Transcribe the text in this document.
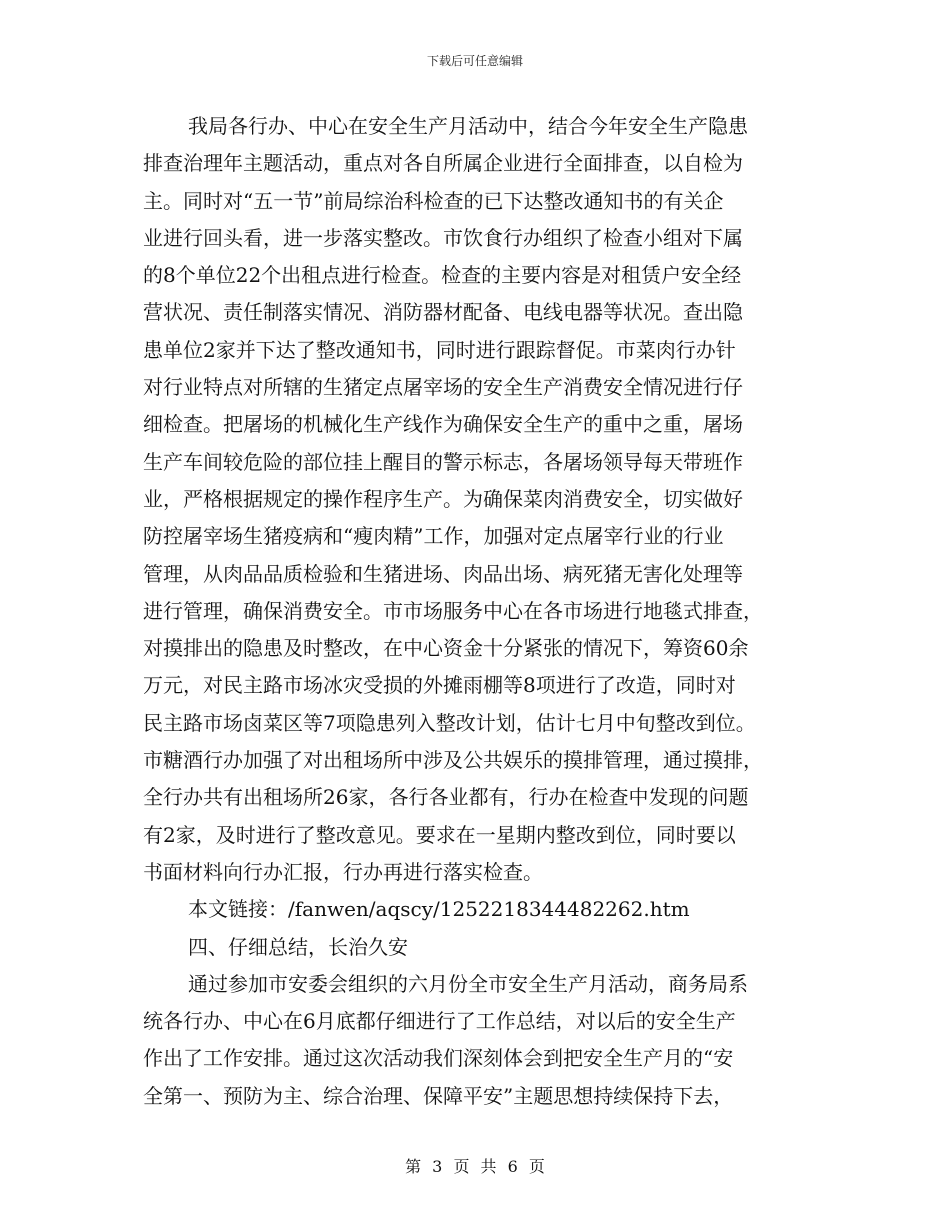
下载后可任意编辑
我局各行办、中心在安全生产月活动中，结合今年安全生产隐患
排查治理年主题活动，重点对各自所属企业进行全面排查，以自检为
主。同时对“五一节”前局综治科检查的已下达整改通知书的有关企
业进行回头看，进一步落实整改。市饮食行办组织了检查小组对下属
的8个单位22个出租点进行检查。检查的主要内容是对租赁户安全经
营状况、责任制落实情况、消防器材配备、电线电器等状况。查出隐
患单位2家并下达了整改通知书，同时进行跟踪督促。市菜肉行办针
对行业特点对所辖的生猪定点屠宰场的安全生产消费安全情况进行仔
细检查。把屠场的机械化生产线作为确保安全生产的重中之重，屠场
生产车间较危险的部位挂上醒目的警示标志，各屠场领导每天带班作
业，严格根据规定的操作程序生产。为确保菜肉消费安全，切实做好
防控屠宰场生猪疫病和“瘦肉精”工作，加强对定点屠宰行业的行业
管理，从肉品品质检验和生猪进场、肉品出场、病死猪无害化处理等
进行管理，确保消费安全。市市场服务中心在各市场进行地毯式排查，
对摸排出的隐患及时整改，在中心资金十分紧张的情况下，筹资60余
万元，对民主路市场冰灾受损的外摊雨棚等8项进行了改造，同时对
民主路市场卤菜区等7项隐患列入整改计划，估计七月中旬整改到位。
市糖酒行办加强了对出租场所中涉及公共娱乐的摸排管理，通过摸排，
全行办共有出租场所26家，各行各业都有，行办在检查中发现的问题
有2家，及时进行了整改意见。要求在一星期内整改到位，同时要以
书面材料向行办汇报，行办再进行落实检查。
本文链接：/fanwen/aqscy/1252218344482262.htm
四、仔细总结，长治久安
通过参加市安委会组织的六月份全市安全生产月活动，商务局系
统各行办、中心在6月底都仔细进行了工作总结，对以后的安全生产
作出了工作安排。通过这次活动我们深刻体会到把安全生产月的“安
全第一、预防为主、综合治理、保障平安”主题思想持续保持下去，
第 3 页 共 6 页
